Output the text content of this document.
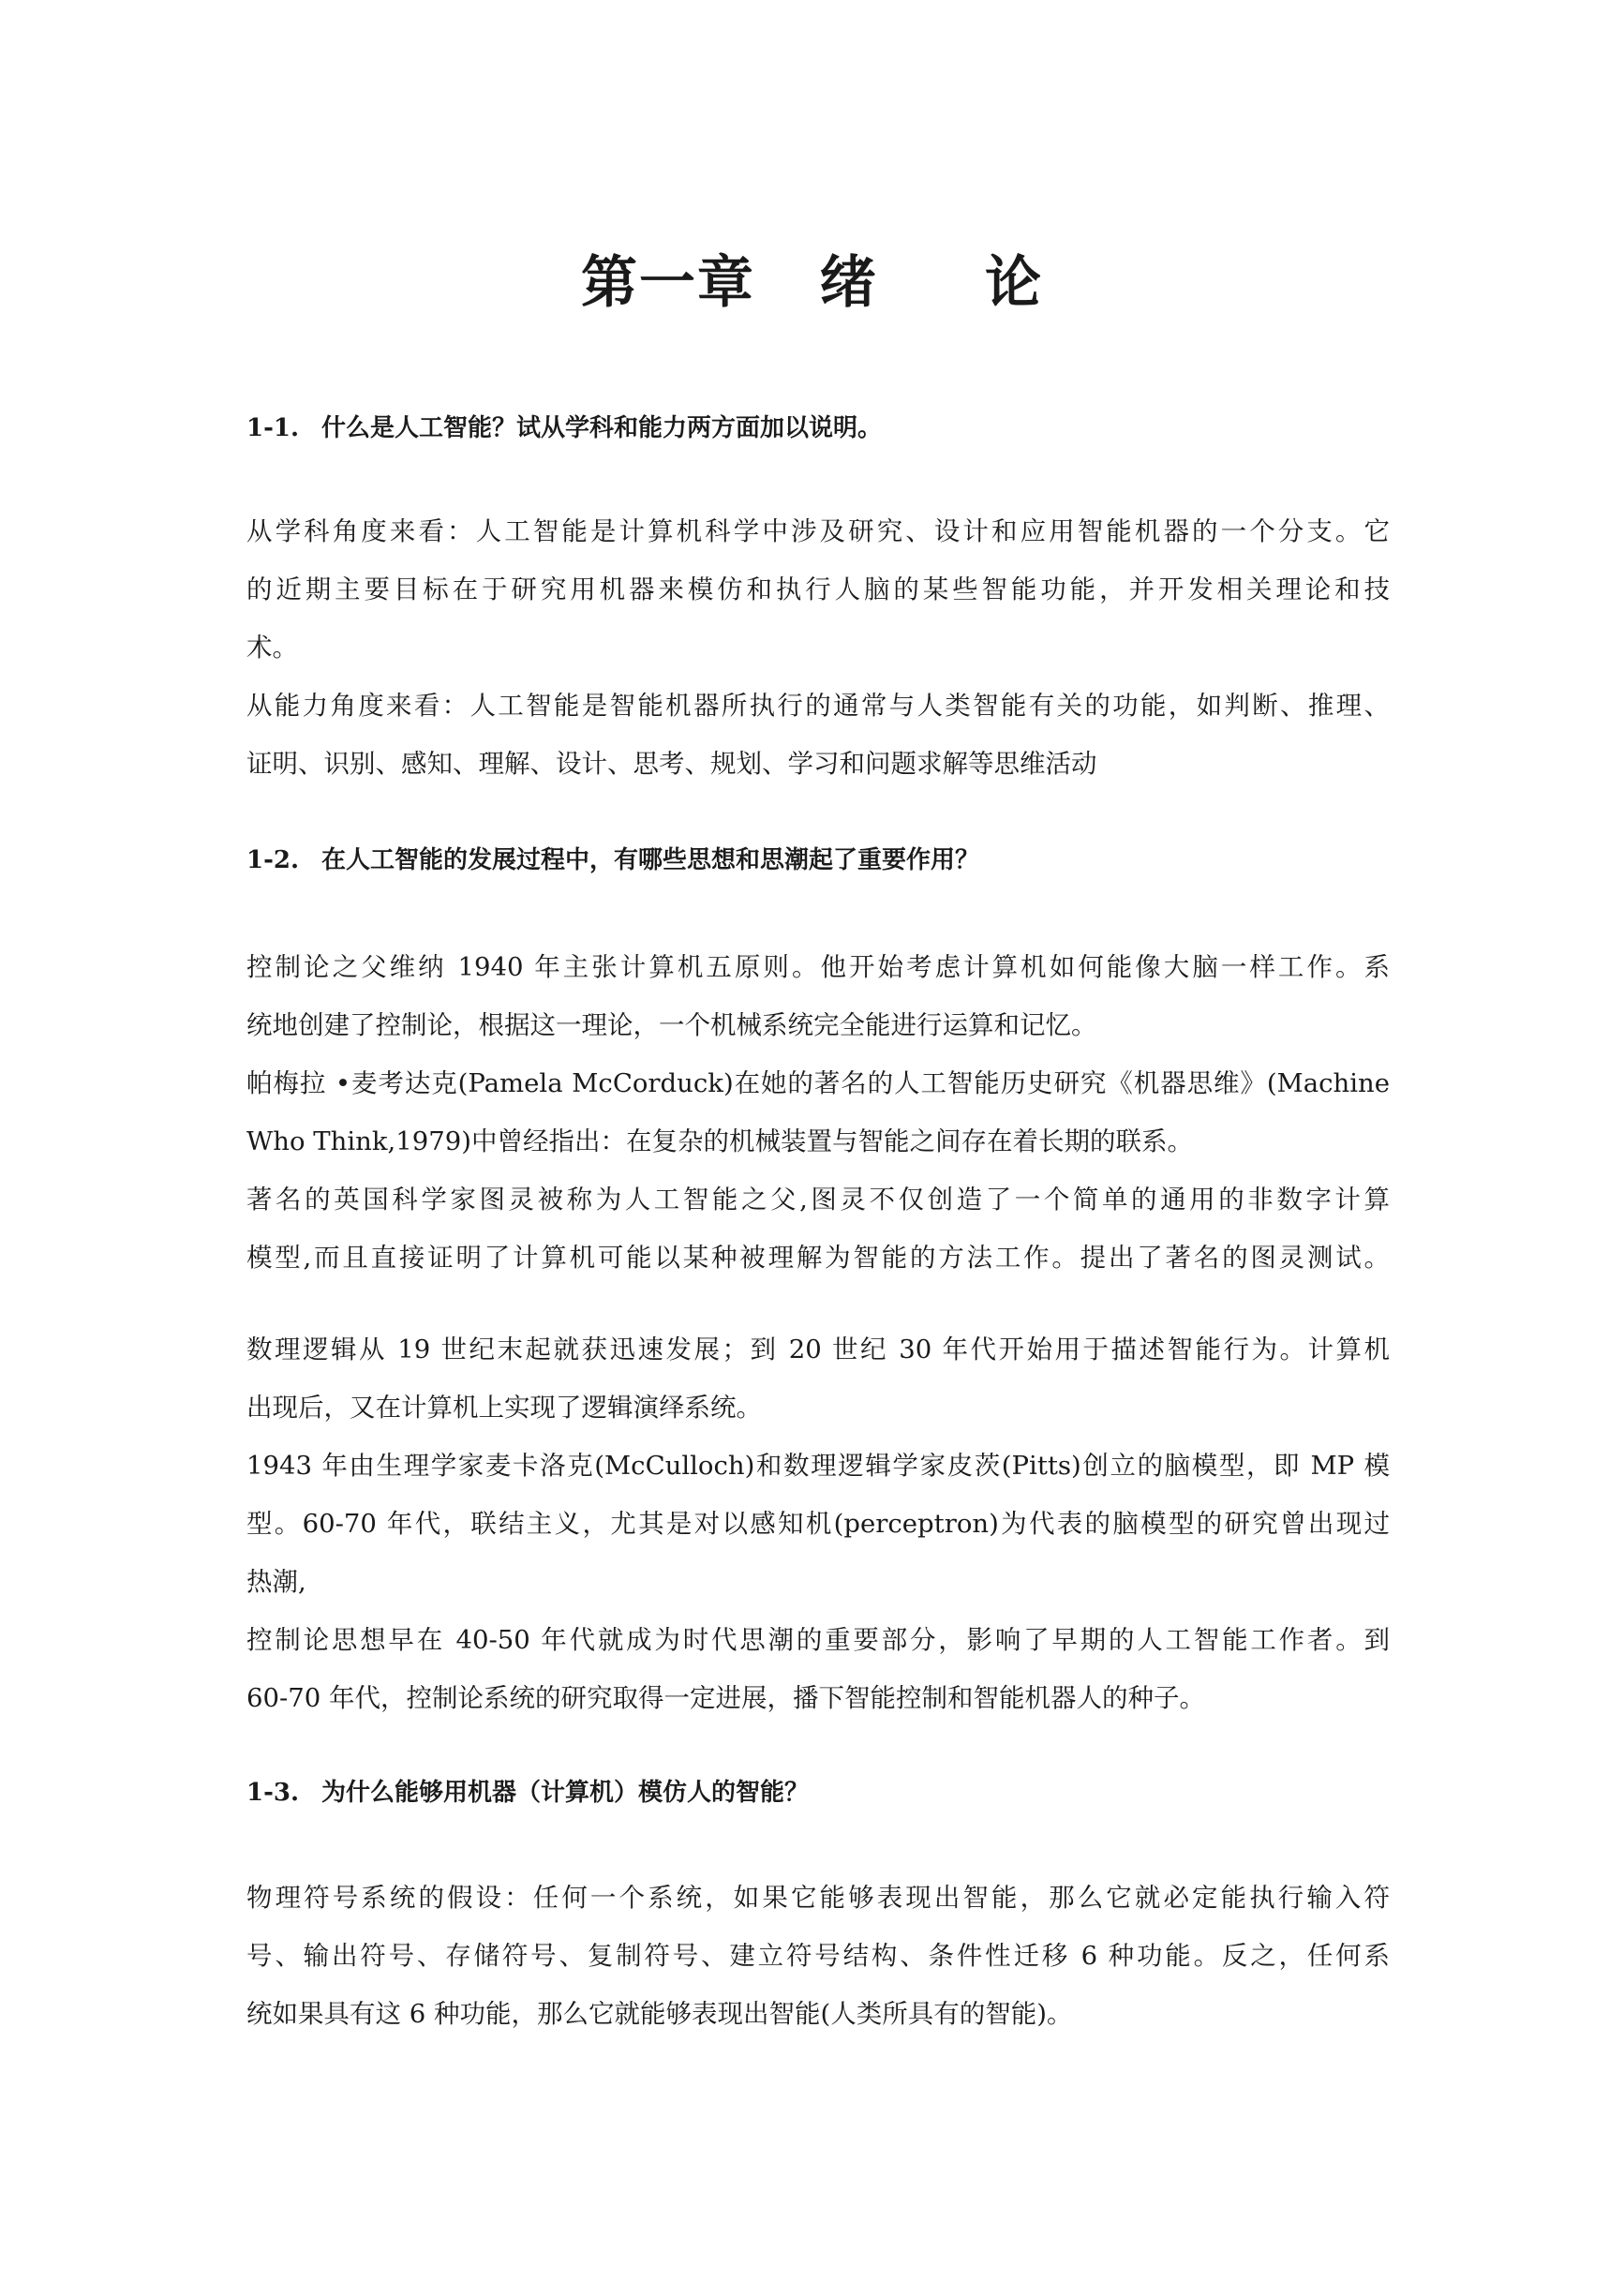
第一章   绪     论
1-1. 什么是人工智能？试从学科和能力两方面加以说明。
从学科角度来看：人工智能是计算机科学中涉及研究、设计和应用智能机器的一个分支。它
的近期主要目标在于研究用机器来模仿和执行人脑的某些智能功能，并开发相关理论和技
术。
从能力角度来看：人工智能是智能机器所执行的通常与人类智能有关的功能，如判断、推理、
证明、识别、感知、理解、设计、思考、规划、学习和问题求解等思维活动
1-2. 在人工智能的发展过程中，有哪些思想和思潮起了重要作用？
控制论之父维纳 1940 年主张计算机五原则。他开始考虑计算机如何能像大脑一样工作。系
统地创建了控制论，根据这一理论，一个机械系统完全能进行运算和记忆。
帕梅拉 •麦考达克(Pamela McCorduck)在她的著名的人工智能历史研究《机器思维》(Machine
Who Think,1979)中曾经指出：在复杂的机械装置与智能之间存在着长期的联系。
著名的英国科学家图灵被称为人工智能之父,图灵不仅创造了一个简单的通用的非数字计算
模型,而且直接证明了计算机可能以某种被理解为智能的方法工作。提出了著名的图灵测试。
数理逻辑从 19 世纪末起就获迅速发展；到 20 世纪 30 年代开始用于描述智能行为。计算机
出现后，又在计算机上实现了逻辑演绎系统。
1943 年由生理学家麦卡洛克(McCulloch)和数理逻辑学家皮茨(Pitts)创立的脑模型，即 MP 模
型。60-70 年代，联结主义，尤其是对以感知机(perceptron)为代表的脑模型的研究曾出现过
热潮,
控制论思想早在 40-50 年代就成为时代思潮的重要部分，影响了早期的人工智能工作者。到
60-70 年代，控制论系统的研究取得一定进展，播下智能控制和智能机器人的种子。
1-3. 为什么能够用机器（计算机）模仿人的智能？
物理符号系统的假设：任何一个系统，如果它能够表现出智能，那么它就必定能执行输入符
号、输出符号、存储符号、复制符号、建立符号结构、条件性迁移 6 种功能。反之，任何系
统如果具有这 6 种功能，那么它就能够表现出智能(人类所具有的智能)。
